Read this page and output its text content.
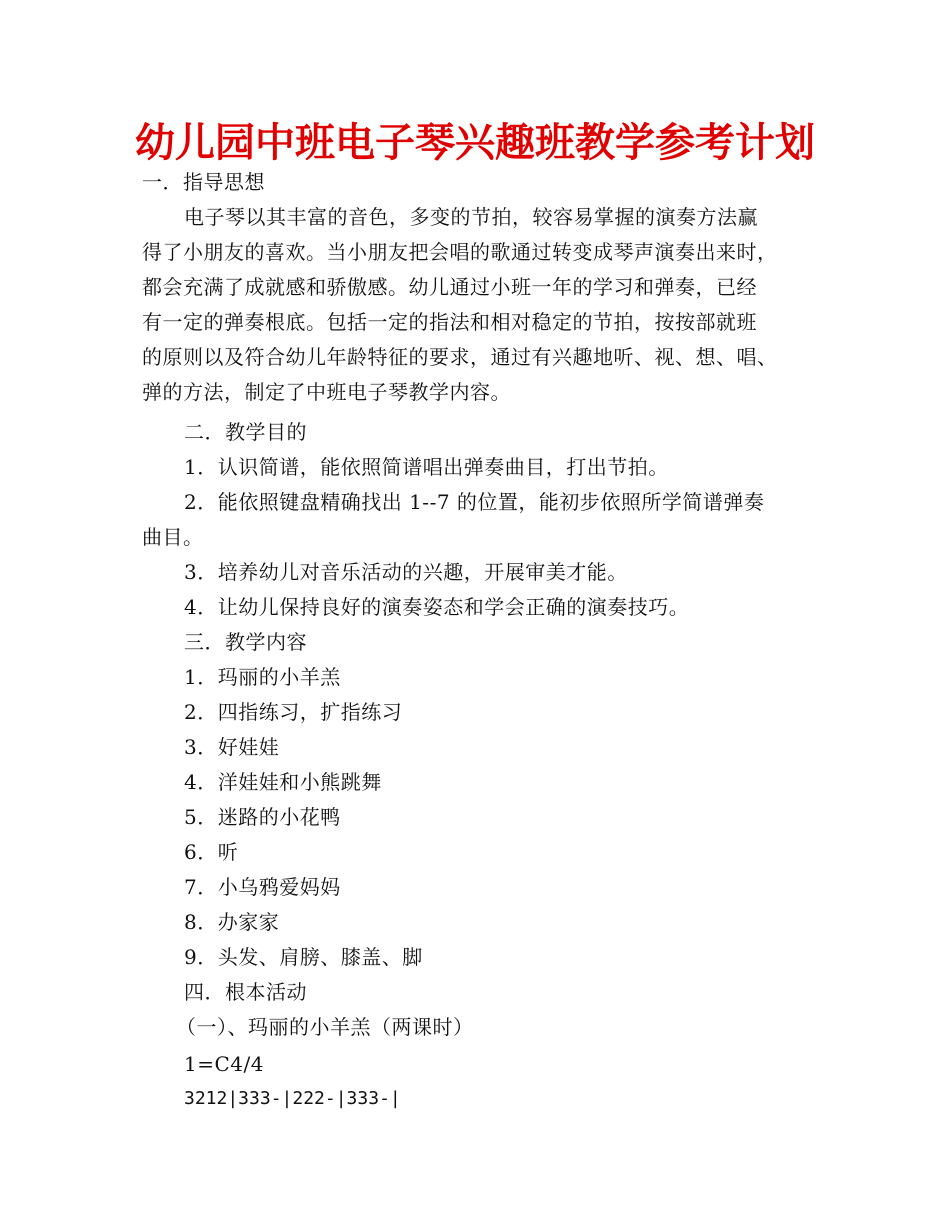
幼儿园中班电子琴兴趣班教学参考计划
一．指导思想
电子琴以其丰富的音色，多变的节拍，较容易掌握的演奏方法赢
得了小朋友的喜欢。当小朋友把会唱的歌通过转变成琴声演奏出来时，
都会充满了成就感和骄傲感。幼儿通过小班一年的学习和弹奏，已经
有一定的弹奏根底。包括一定的指法和相对稳定的节拍，按按部就班
的原则以及符合幼儿年龄特征的要求，通过有兴趣地听、视、想、唱、
弹的方法，制定了中班电子琴教学内容。
二．教学目的
1．认识简谱，能依照简谱唱出弹奏曲目，打出节拍。
2．能依照键盘精确找出 1--7 的位置，能初步依照所学简谱弹奏
曲目。
3．培养幼儿对音乐活动的兴趣，开展审美才能。
4．让幼儿保持良好的演奏姿态和学会正确的演奏技巧。
三．教学内容
1．玛丽的小羊羔
2．四指练习，扩指练习
3．好娃娃
4．洋娃娃和小熊跳舞
5．迷路的小花鸭
6．听
7．小乌鸦爱妈妈
8．办家家
9．头发、肩膀、膝盖、脚
四．根本活动
（一）、玛丽的小羊羔（两课时）
1=C4/4
3212|333-|222-|333-|
